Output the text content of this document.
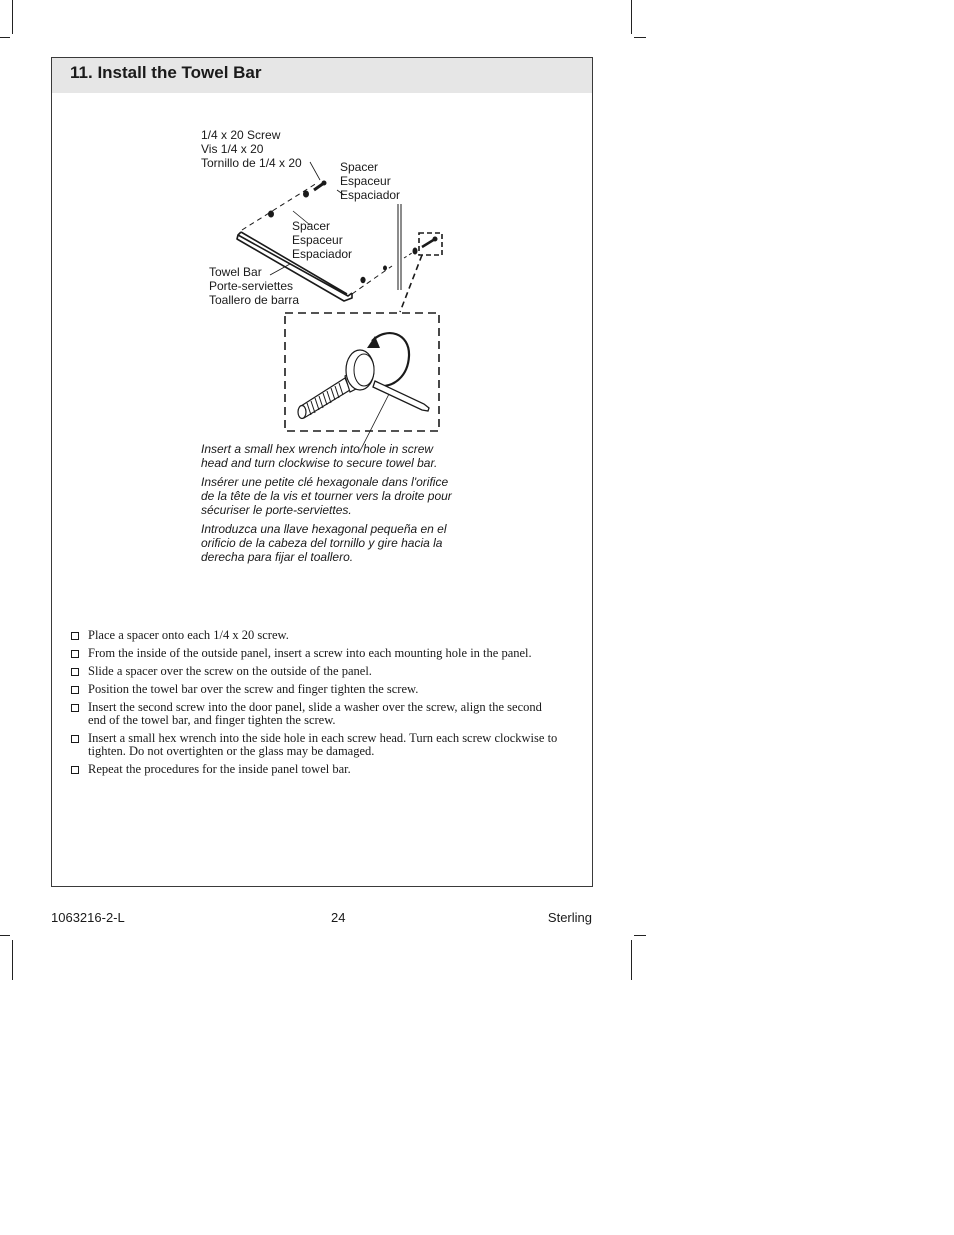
11. Install the Towel Bar
1/4 x 20 Screw
Vis 1/4 x 20
Tornillo de 1/4 x 20	Spacer
Espaceur
Espaciador
Spacer
Espaceur
Espaciador
Towel Bar
Porte-serviettes
Toallero de barra
Insert a small hex wrench into hole in screw head and turn clockwise to secure towel bar.
Insérer une petite clé hexagonale dans l'orifice de la tête de la vis et tourner vers la droite pour sécuriser le porte-serviettes.
Introduzca una llave hexagonal pequeña en el orificio de la cabeza del tornillo y gire hacia la derecha para fijar el toallero.
Place a spacer onto each 1/4 x 20 screw.
From the inside of the outside panel, insert a screw into each mounting hole in the panel.
Slide a spacer over the screw on the outside of the panel.
Position the towel bar over the screw and finger tighten the screw.
Insert the second screw into the door panel, slide a washer over the screw, align the second end of the towel bar, and finger tighten the screw.
Insert a small hex wrench into the side hole in each screw head. Turn each screw clockwise to tighten. Do not overtighten or the glass may be damaged.
Repeat the procedures for the inside panel towel bar.
1063216-2-L	24	Sterling
